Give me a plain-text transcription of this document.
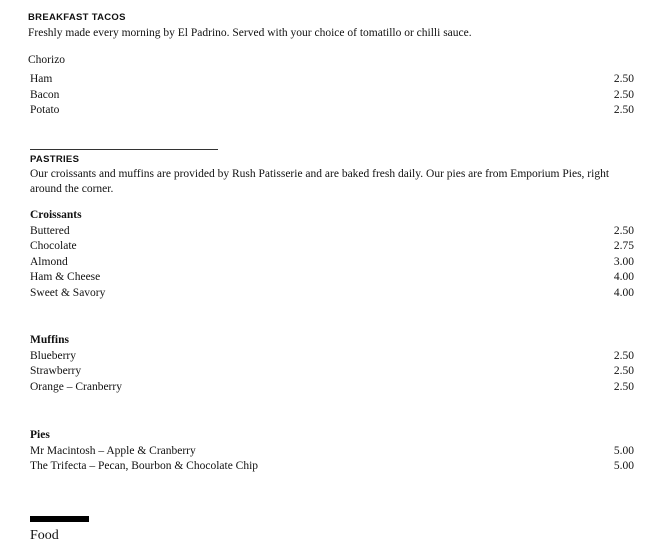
BREAKFAST TACOS
Freshly made every morning by El Padrino. Served with your choice of tomatillo or chilli sauce.
Chorizo
Ham	2.50
Bacon	2.50
Potato	2.50
PASTRIES
Our croissants and muffins are provided by Rush Patisserie and are baked fresh daily. Our pies are from Emporium Pies, right around the corner.
Croissants
Buttered	2.50
Chocolate	2.75
Almond	3.00
Ham & Cheese	4.00
Sweet & Savory	4.00
Muffins
Blueberry	2.50
Strawberry	2.50
Orange – Cranberry	2.50
Pies
Mr Macintosh – Apple & Cranberry	5.00
The Trifecta – Pecan, Bourbon & Chocolate Chip	5.00
Food
